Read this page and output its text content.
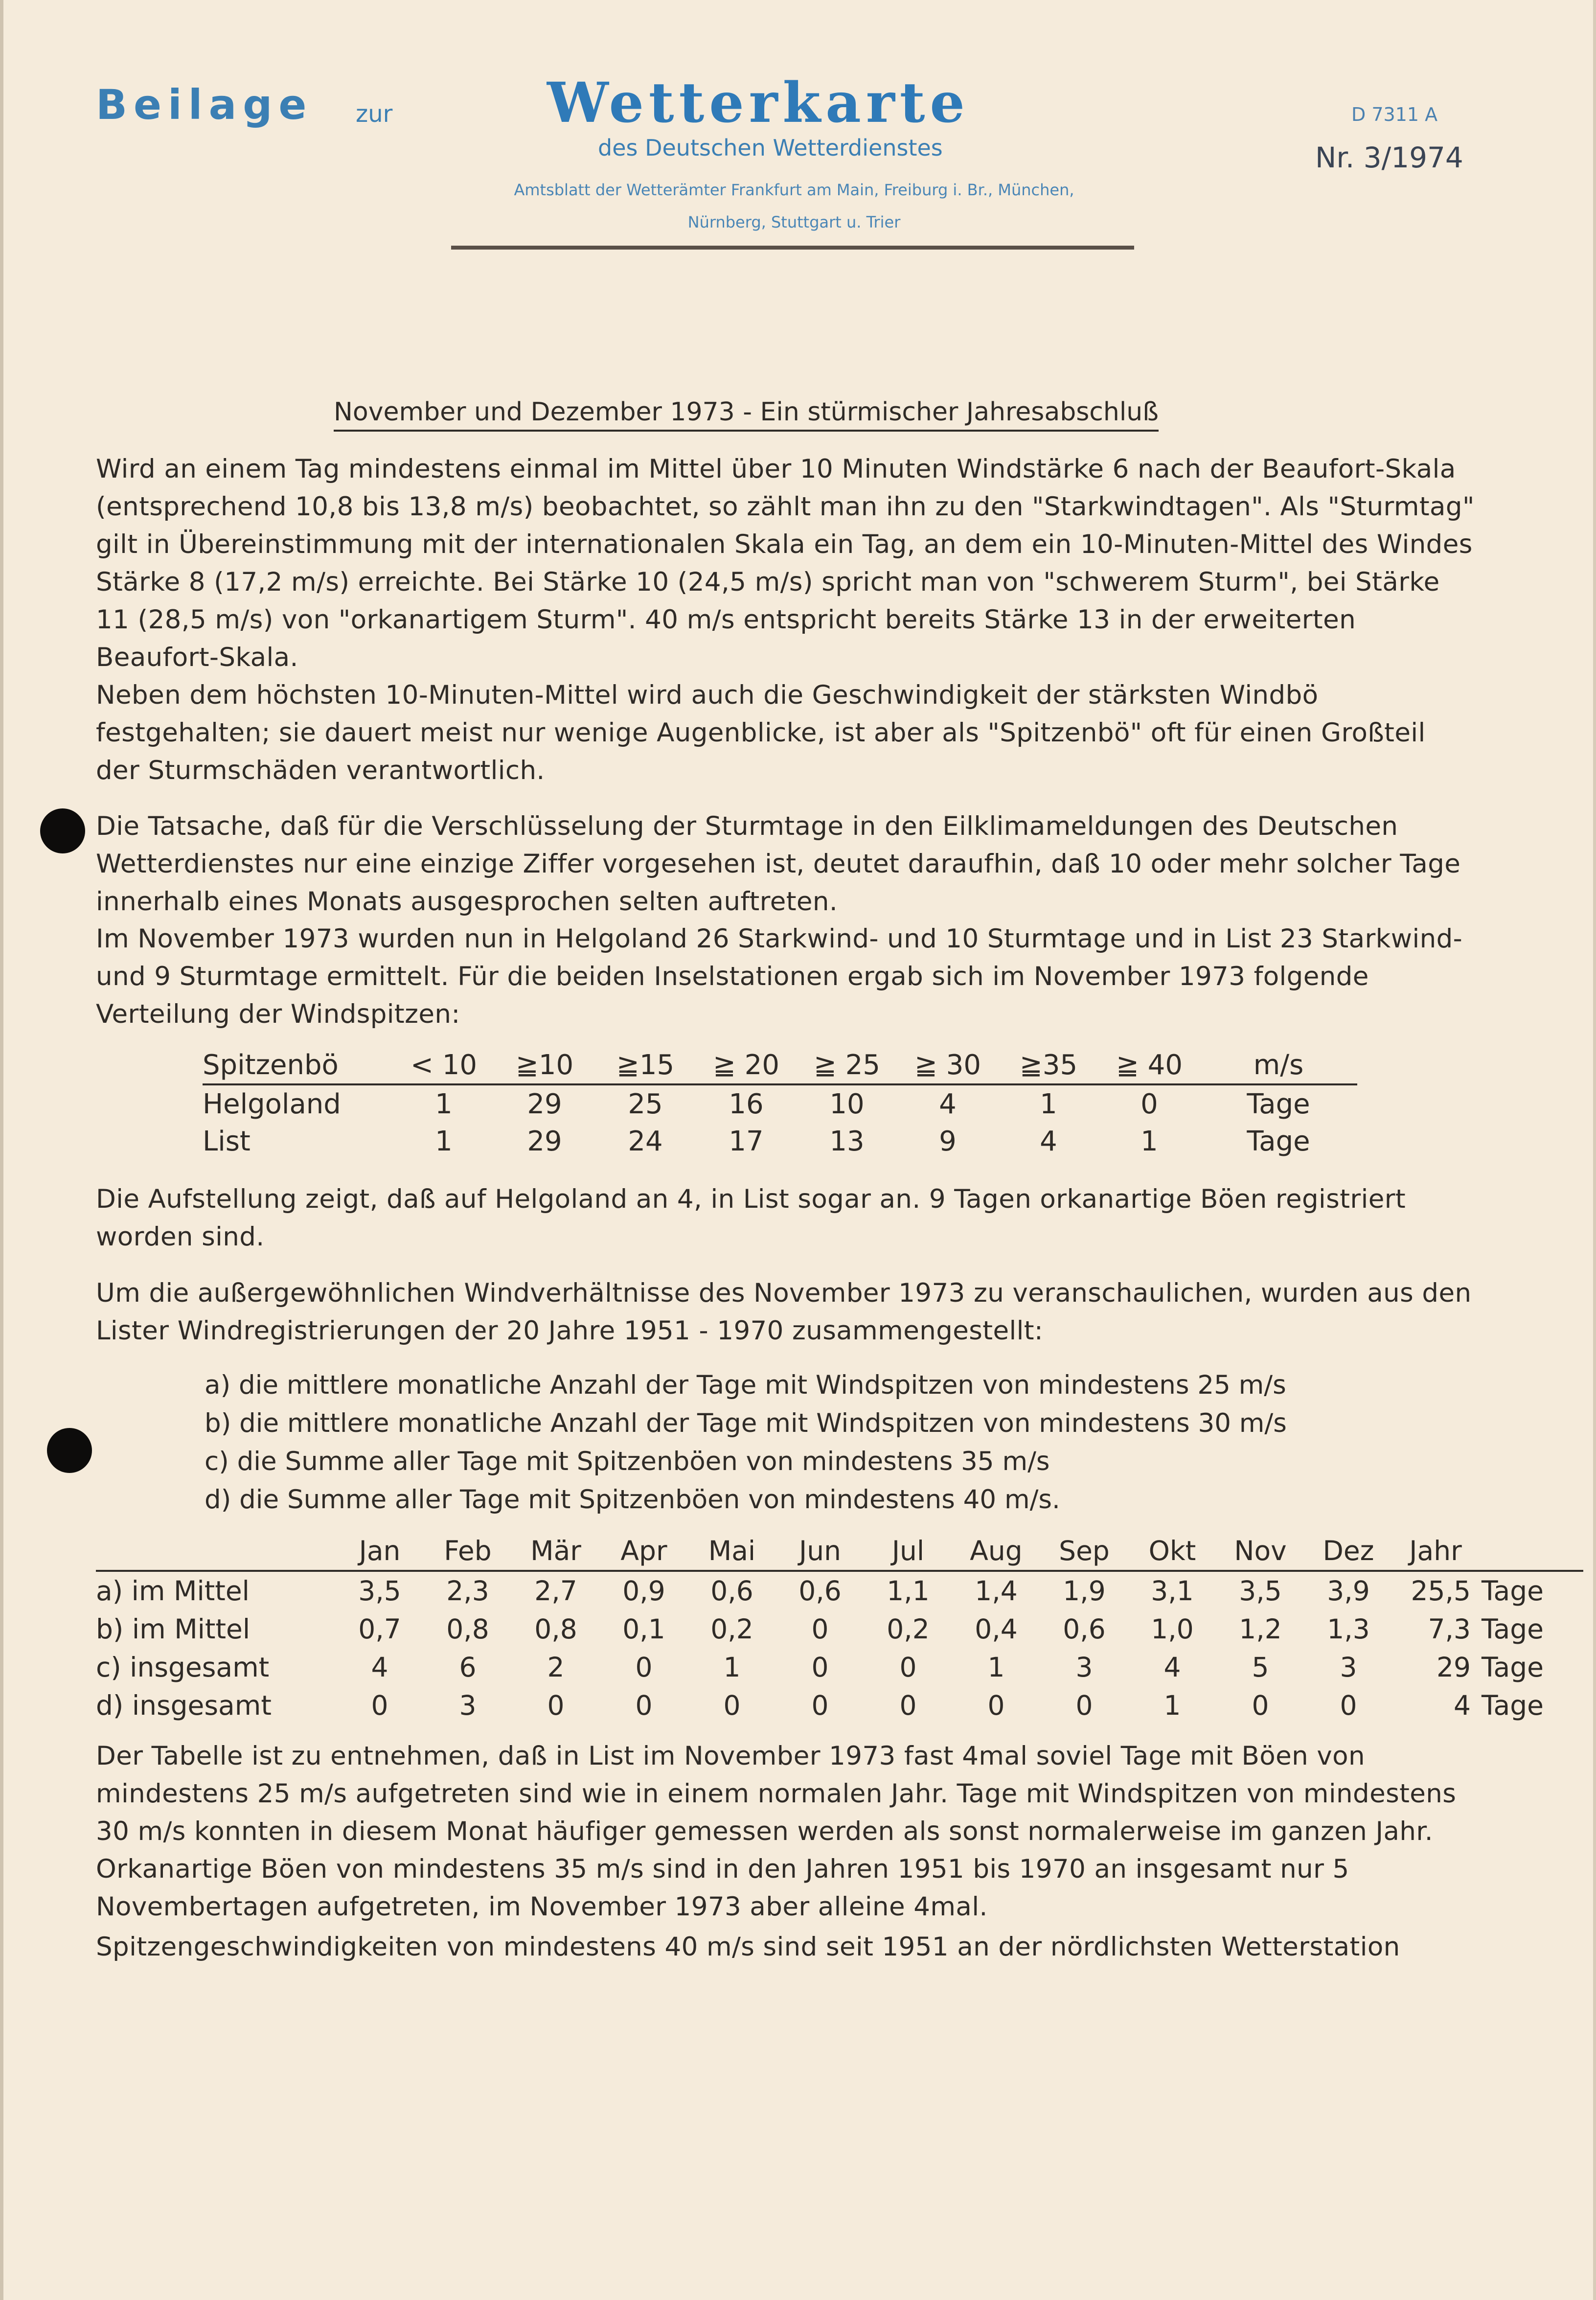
Beilage zur	Wetterkarte

des Deutschen Wetterdienstes

Amtsblatt der Wetterämter Frankfurt am Main, Freiburg i. Br., München,
Nürnberg, Stuttgart u. Trier

D 7311 A

Nr. 3/1974

November und Dezember 1973 - Ein stürmischer Jahresabschluß

Wird an einem Tag mindestens einmal im Mittel über 10 Minuten Windstärke 6 nach der Beaufort-Skala (entsprechend 10,8 bis 13,8 m/s) beobachtet, so zählt man ihn zu den "Starkwindtagen". Als "Sturmtag" gilt in Übereinstimmung mit der internationalen Skala ein Tag, an dem ein 10-Minuten-Mittel des Windes Stärke 8 (17,2 m/s) erreichte. Bei Stärke 10 (24,5 m/s) spricht man von "schwerem Sturm", bei Stärke 11 (28,5 m/s) von "orkanartigem Sturm". 40 m/s entspricht bereits Stärke 13 in der erweiterten Beaufort-Skala.

Neben dem höchsten 10-Minuten-Mittel wird auch die Geschwindigkeit der stärksten Windbö festgehalten; sie dauert meist nur wenige Augenblicke, ist aber als "Spitzenbö" oft für einen Großteil der Sturmschäden verantwortlich.

Die Tatsache, daß für die Verschlüsselung der Sturmtage in den Eilklimameldungen des Deutschen Wetterdienstes nur eine einzige Ziffer vorgesehen ist, deutet daraufhin, daß 10 oder mehr solcher Tage innerhalb eines Monats ausgesprochen selten auftreten.

Im November 1973 wurden nun in Helgoland 26 Starkwind- und 10 Sturmtage und in List 23 Starkwind- und 9 Sturmtage ermittelt. Für die beiden Inselstationen ergab sich im November 1973 folgende Verteilung der Windspitzen:

Spitzenbö	< 10	≧10	≧15	≧ 20	≧ 25	≧ 30	≧35	≧ 40	m/s
Helgoland	1	29	25	16	10	4	1	0	Tage
List	1	29	24	17	13	9	4	1	Tage

Die Aufstellung zeigt, daß auf Helgoland an 4, in List sogar an. 9 Tagen orkanartige Böen registriert worden sind.

Um die außergewöhnlichen Windverhältnisse des November 1973 zu veranschaulichen, wurden aus den Lister Windregistrierungen der 20 Jahre 1951 - 1970 zusammengestellt:

a) die mittlere monatliche Anzahl der Tage mit Windspitzen von mindestens 25 m/s
b) die mittlere monatliche Anzahl der Tage mit Windspitzen von mindestens 30 m/s
c) die Summe aller Tage mit Spitzenböen von mindestens 35 m/s
d) die Summe aller Tage mit Spitzenböen von mindestens 40 m/s.
	Jan	Feb	Mär	Apr	Mai	Jun	Jul	Aug	Sep	Okt	Nov	Dez	Jahr	
a) im Mittel	3,5	2,3	2,7	0,9	0,6	0,6	1,1	1,4	1,9	3,1	3,5	3,9	25,5	Tage
b) im Mittel	0,7	0,8	0,8	0,1	0,2	0	0,2	0,4	0,6	1,0	1,2	1,3	7,3	Tage
c) insgesamt	4	6	2	0	1	0	0	1	3	4	5	3	29	Tage
d) insgesamt	0	3	0	0	0	0	0	0	0	1	0	0	4	Tage

Der Tabelle ist zu entnehmen, daß in List im November 1973 fast 4mal soviel Tage mit Böen von mindestens 25 m/s aufgetreten sind wie in einem normalen Jahr. Tage mit Windspitzen von mindestens 30 m/s konnten in diesem Monat häufiger gemessen werden als sonst normalerweise im ganzen Jahr. Orkanartige Böen von mindestens 35 m/s sind in den Jahren 1951 bis 1970 an insgesamt nur 5 Novembertagen aufgetreten, im November 1973 aber alleine 4mal.

Spitzengeschwindigkeiten von mindestens 40 m/s sind seit 1951 an der nördlichsten Wetterstation
